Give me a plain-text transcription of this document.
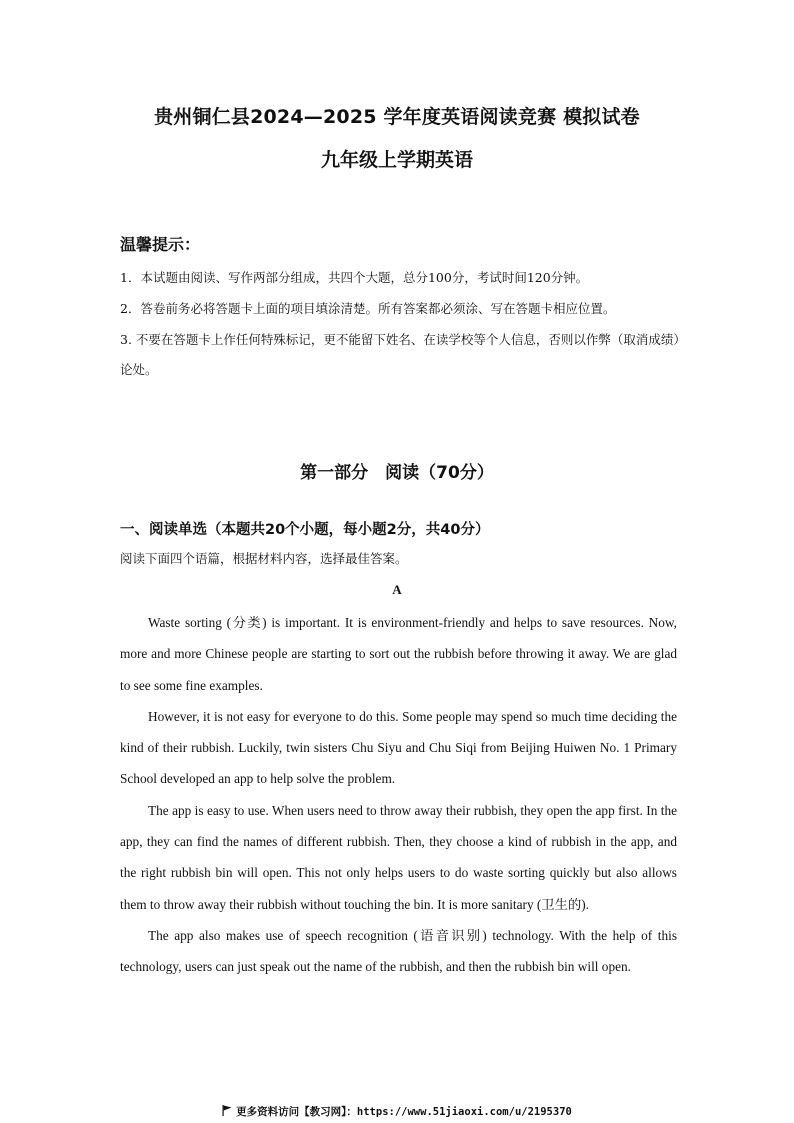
贵州铜仁县2024—2025 学年度英语阅读竞赛 模拟试卷
九年级上学期英语
温馨提示：
1．本试题由阅读、写作两部分组成，共四个大题，总分100分，考试时间120分钟。
2．答卷前务必将答题卡上面的项目填涂清楚。所有答案都必须涂、写在答题卡相应位置。
3. 不要在答题卡上作任何特殊标记，更不能留下姓名、在读学校等个人信息，否则以作弊（取消成绩）论处。
第一部分　阅读（70分）
一、阅读单选（本题共20个小题，每小题2分，共40分）
阅读下面四个语篇，根据材料内容，选择最佳答案。
A

Waste sorting (分类) is important. It is environment-friendly and helps to save resources. Now, more and more Chinese people are starting to sort out the rubbish before throwing it away. We are glad to see some fine examples.

However, it is not easy for everyone to do this. Some people may spend so much time deciding the kind of their rubbish. Luckily, twin sisters Chu Siyu and Chu Siqi from Beijing Huiwen No. 1 Primary School developed an app to help solve the problem.

The app is easy to use. When users need to throw away their rubbish, they open the app first. In the app, they can find the names of different rubbish. Then, they choose a kind of rubbish in the app, and the right rubbish bin will open. This not only helps users to do waste sorting quickly but also allows them to throw away their rubbish without touching the bin. It is more sanitary (卫生的).

The app also makes use of speech recognition (语音识别) technology. With the help of this technology, users can just speak out the name of the rubbish, and then the rubbish bin will open.

更多资料访问【教习网】：https://www.51jiaoxi.com/u/2195370
